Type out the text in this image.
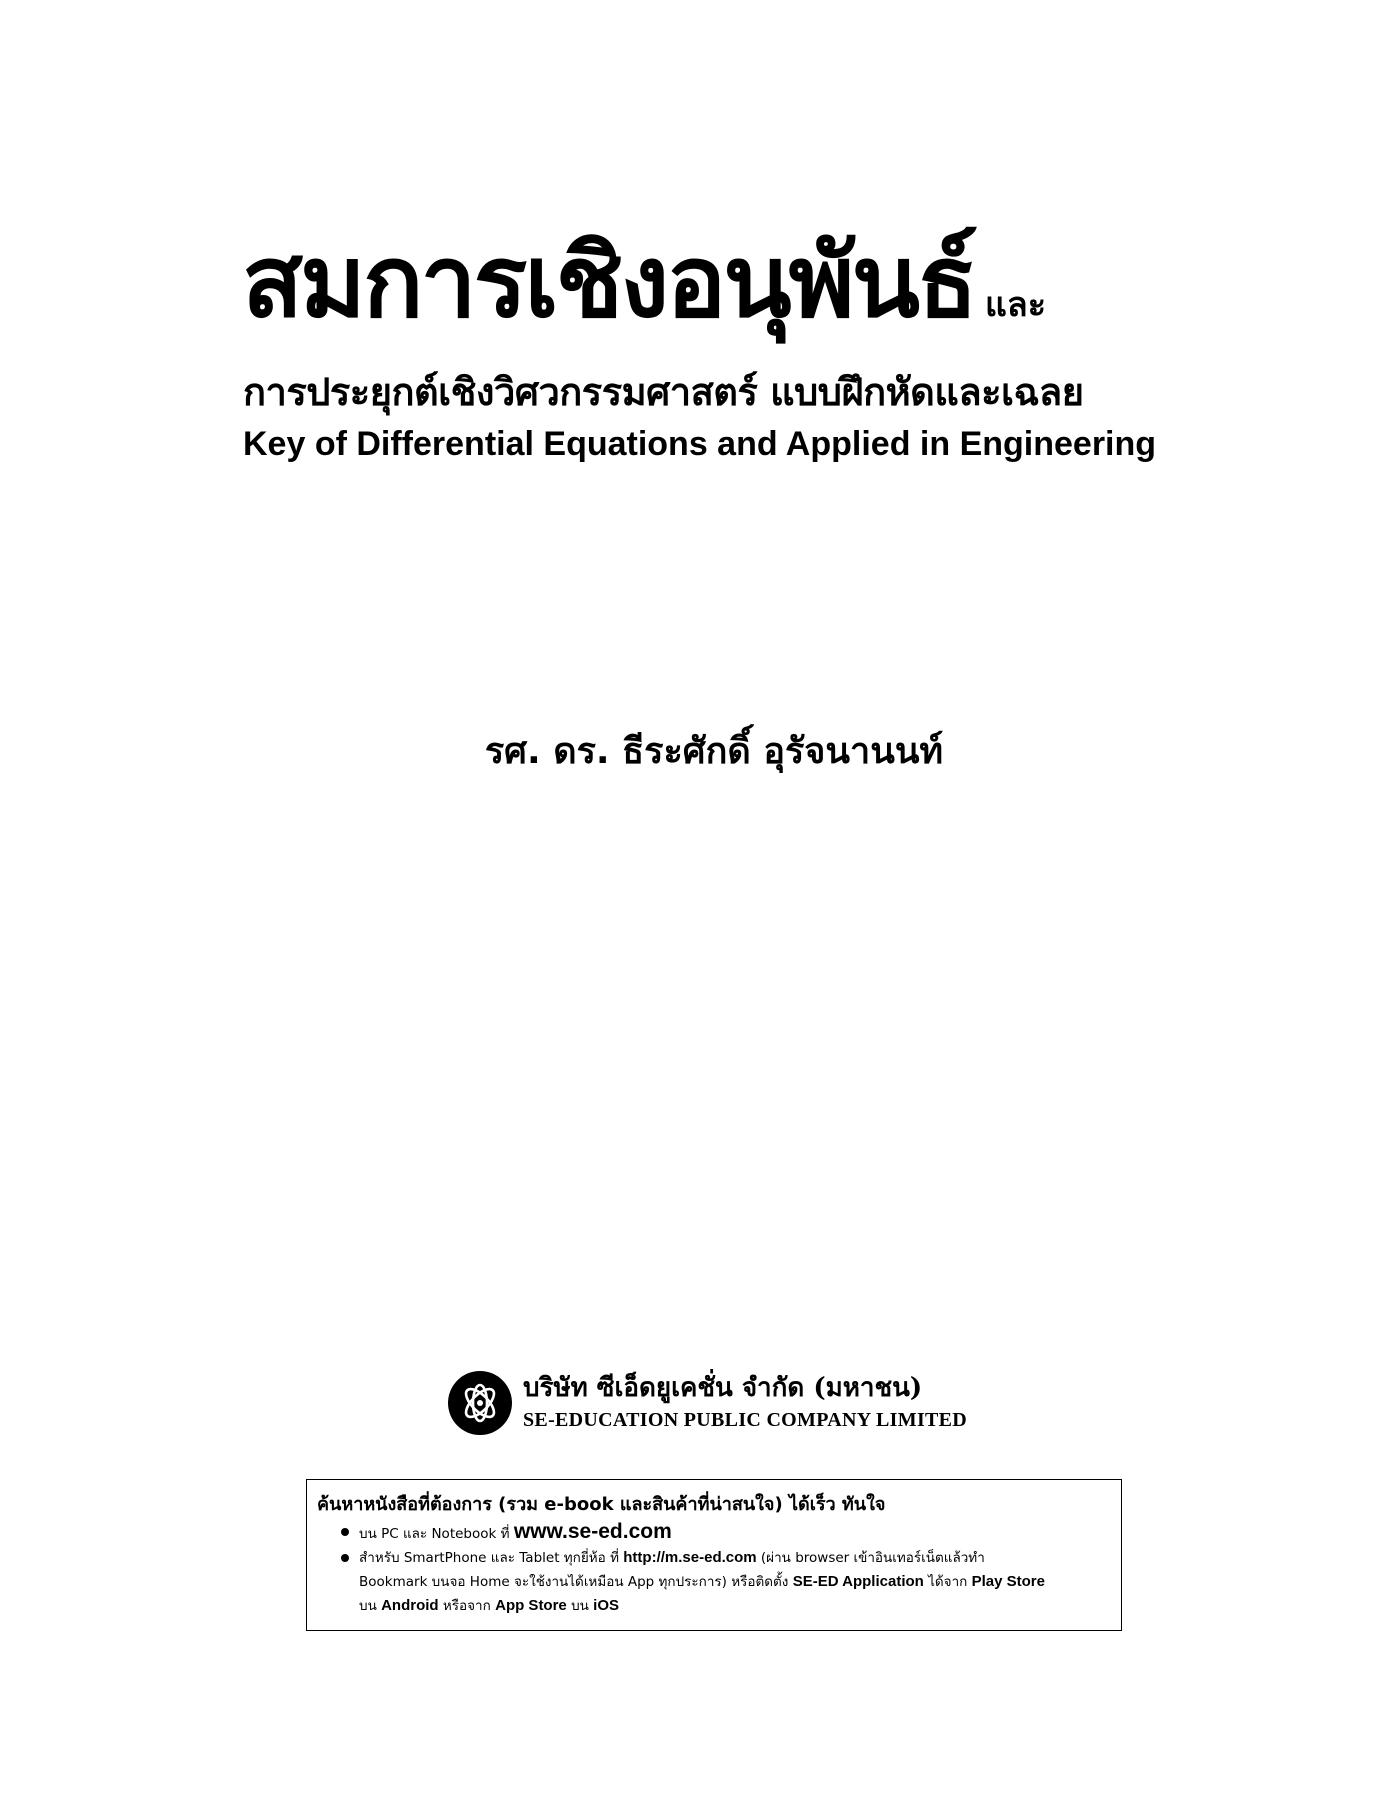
สมการเชิงอนุพันธ์ และ
การประยุกต์เชิงวิศวกรรมศาสตร์ แบบฝึกหัดและเฉลย
Key of Differential Equations and Applied in Engineering
รศ. ดร. ธีระศักดิ์ อุรัจนานนท์
บริษัท ซีเอ็ดยูเคชั่น จำกัด (มหาชน)
SE-EDUCATION PUBLIC COMPANY LIMITED
ค้นหาหนังสือที่ต้องการ (รวม e-book และสินค้าที่น่าสนใจ) ได้เร็ว ทันใจ
บน PC และ Notebook ที่ www.se-ed.com
สำหรับ SmartPhone และ Tablet ทุกยี่ห้อ ที่ http://m.se-ed.com (ผ่าน browser เข้าอินเทอร์เน็ตแล้วทำ
Bookmark บนจอ Home จะใช้งานได้เหมือน App ทุกประการ) หรือติดตั้ง SE-ED Application ได้จาก Play Store
บน Android หรือจาก App Store บน iOS
